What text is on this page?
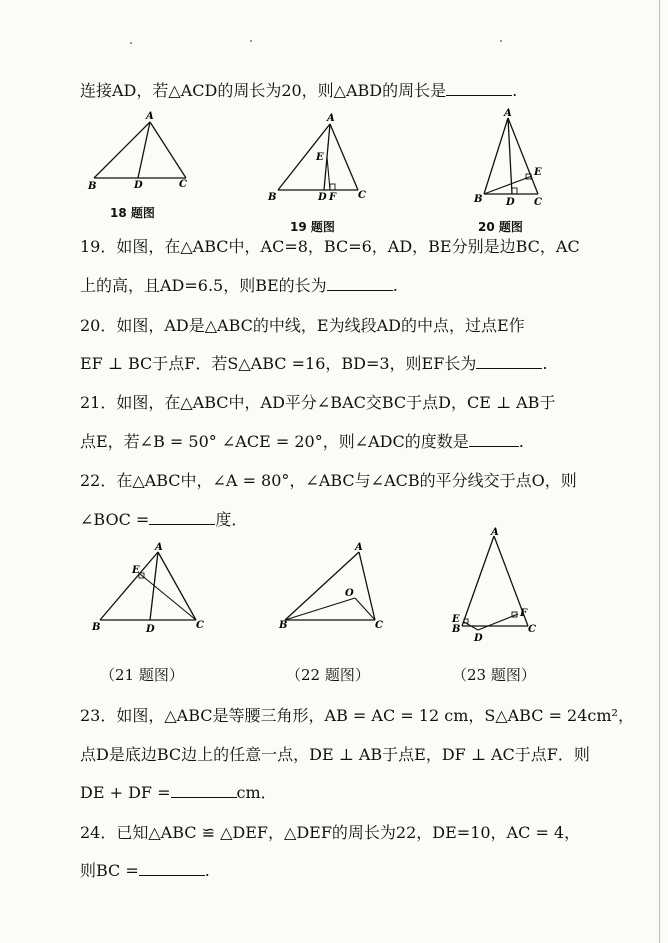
连接AD，若△ACD的周长为20，则△ABD的周长是	.
A
B	D	C
18 题图
A
E
B	D F C
19 题图
A
E
B D C
20 题图
19．如图，在△ABC中，AC=8，BC=6，AD，BE分别是边BC，AC
上的高，且AD=6.5，则BE的长为	.
20．如图，AD是△ABC的中线，E为线段AD的中点，过点E作
EF ⊥ BC于点F．若S△ABC =16，BD=3，则EF长为	.
21．如图，在△ABC中，AD平分∠BAC交BC于点D，CE ⊥ AB于
点E，若∠B = 50° ∠ACE = 20°，则∠ADC的度数是	.
22．在△ABC中，∠A = 80°，∠ABC与∠ACB的平分线交于点O，则
∠BOC =	度．
A
E
B	D	C
A
O
B	C
A
E
B
D
F
C
（21 题图）	（22 题图）	（23 题图）
23．如图，△ABC是等腰三角形，AB = AC = 12 cm，S△ABC = 24cm²，
点D是底边BC边上的任意一点，DE ⊥ AB于点E，DF ⊥ AC于点F．则
DE + DF =	cm．
24．已知△ABC ≌ △DEF，△DEF的周长为22，DE=10，AC = 4，
则BC =	.
